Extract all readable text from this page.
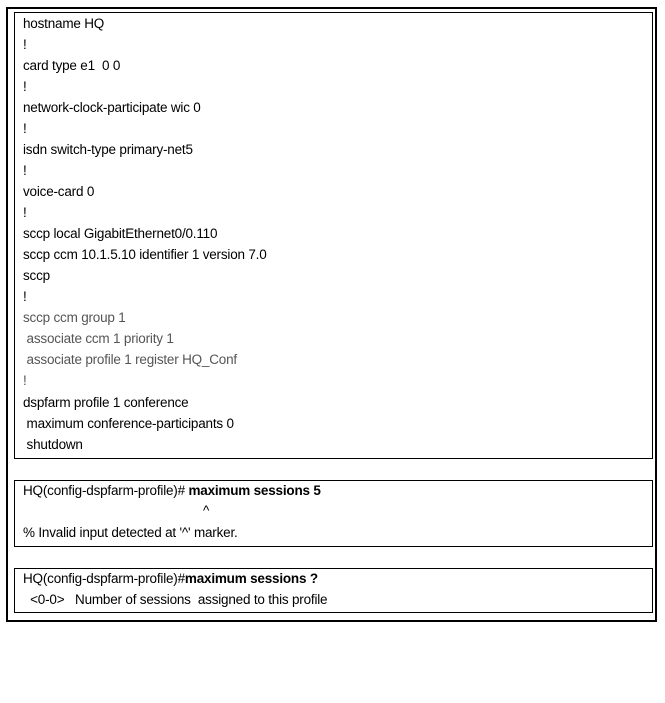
hostname HQ
!
card type e1  0 0
!
network-clock-participate wic 0
!
isdn switch-type primary-net5
!
voice-card 0
!
sccp local GigabitEthernet0/0.110
sccp ccm 10.1.5.10 identifier 1 version 7.0
sccp
!
sccp ccm group 1
associate ccm 1 priority 1
associate profile 1 register HQ_Conf
!
dspfarm profile 1 conference
maximum conference-participants 0
shutdown
HQ(config-dspfarm-profile)# maximum sessions 5
^
% Invalid input detected at '^' marker.
HQ(config-dspfarm-profile)#maximum sessions ?
<0-0>   Number of sessions  assigned to this profile
